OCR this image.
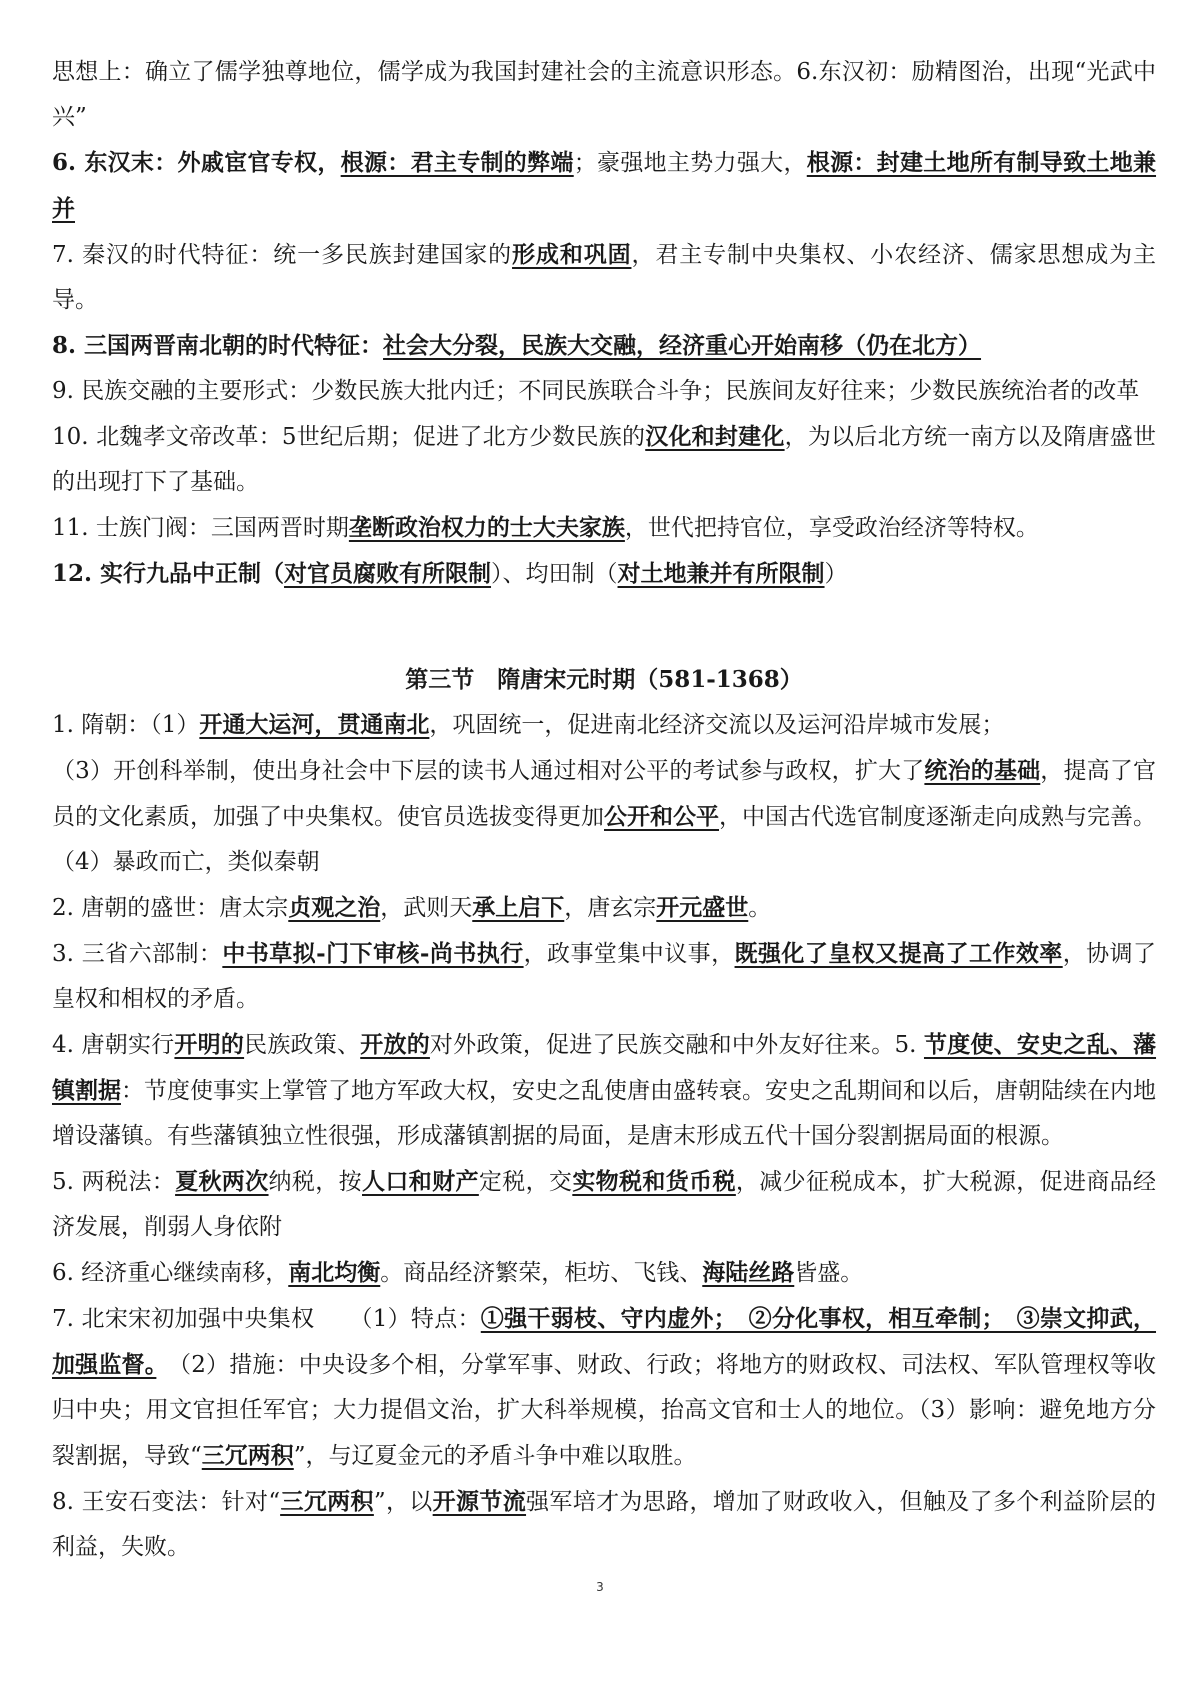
思想上：确立了儒学独尊地位，儒学成为我国封建社会的主流意识形态。6.东汉初：励精图治，出现“光武中兴”

6. 东汉末：外戚宦官专权，根源：君主专制的弊端；豪强地主势力强大，根源：封建土地所有制导致土地兼并

7. 秦汉的时代特征：统一多民族封建国家的形成和巩固，君主专制中央集权、小农经济、儒家思想成为主导。

8. 三国两晋南北朝的时代特征：社会大分裂，民族大交融，经济重心开始南移（仍在北方）

9. 民族交融的主要形式：少数民族大批内迁；不同民族联合斗争；民族间友好往来；少数民族统治者的改革

10. 北魏孝文帝改革：5世纪后期；促进了北方少数民族的汉化和封建化，为以后北方统一南方以及隋唐盛世的出现打下了基础。

11. 士族门阀：三国两晋时期垄断政治权力的士大夫家族，世代把持官位，享受政治经济等特权。

12. 实行九品中正制（对官员腐败有所限制）、均田制（对土地兼并有所限制）

第三节　隋唐宋元时期（581-1368）

1. 隋朝：（1）开通大运河，贯通南北，巩固统一，促进南北经济交流以及运河沿岸城市发展；

（3）开创科举制，使出身社会中下层的读书人通过相对公平的考试参与政权，扩大了统治的基础，提高了官员的文化素质，加强了中央集权。使官员选拔变得更加公开和公平，中国古代选官制度逐渐走向成熟与完善。

（4）暴政而亡，类似秦朝

2. 唐朝的盛世：唐太宗贞观之治，武则天承上启下，唐玄宗开元盛世。

3. 三省六部制：中书草拟-门下审核-尚书执行，政事堂集中议事，既强化了皇权又提高了工作效率，协调了皇权和相权的矛盾。

4. 唐朝实行开明的民族政策、开放的对外政策，促进了民族交融和中外友好往来。5. 节度使、安史之乱、藩镇割据：节度使事实上掌管了地方军政大权，安史之乱使唐由盛转衰。安史之乱期间和以后，唐朝陆续在内地增设藩镇。有些藩镇独立性很强，形成藩镇割据的局面，是唐末形成五代十国分裂割据局面的根源。

5. 两税法：夏秋两次纳税，按人口和财产定税，交实物税和货币税，减少征税成本，扩大税源，促进商品经济发展，削弱人身依附

6. 经济重心继续南移，南北均衡。商品经济繁荣，柜坊、飞钱、海陆丝路皆盛。

7. 北宋宋初加强中央集权　　（1）特点：①强干弱枝、守内虚外；　②分化事权，相互牵制；　③崇文抑武，加强监督。　（2）措施：中央设多个相，分掌军事、财政、行政；将地方的财政权、司法权、军队管理权等收归中央；用文官担任军官；大力提倡文治，扩大科举规模，抬高文官和士人的地位。（3）影响：避免地方分裂割据，导致“三冗两积”，与辽夏金元的矛盾斗争中难以取胜。

8. 王安石变法：针对“三冗两积”，以开源节流强军培才为思路，增加了财政收入，但触及了多个利益阶层的利益，失败。

3
